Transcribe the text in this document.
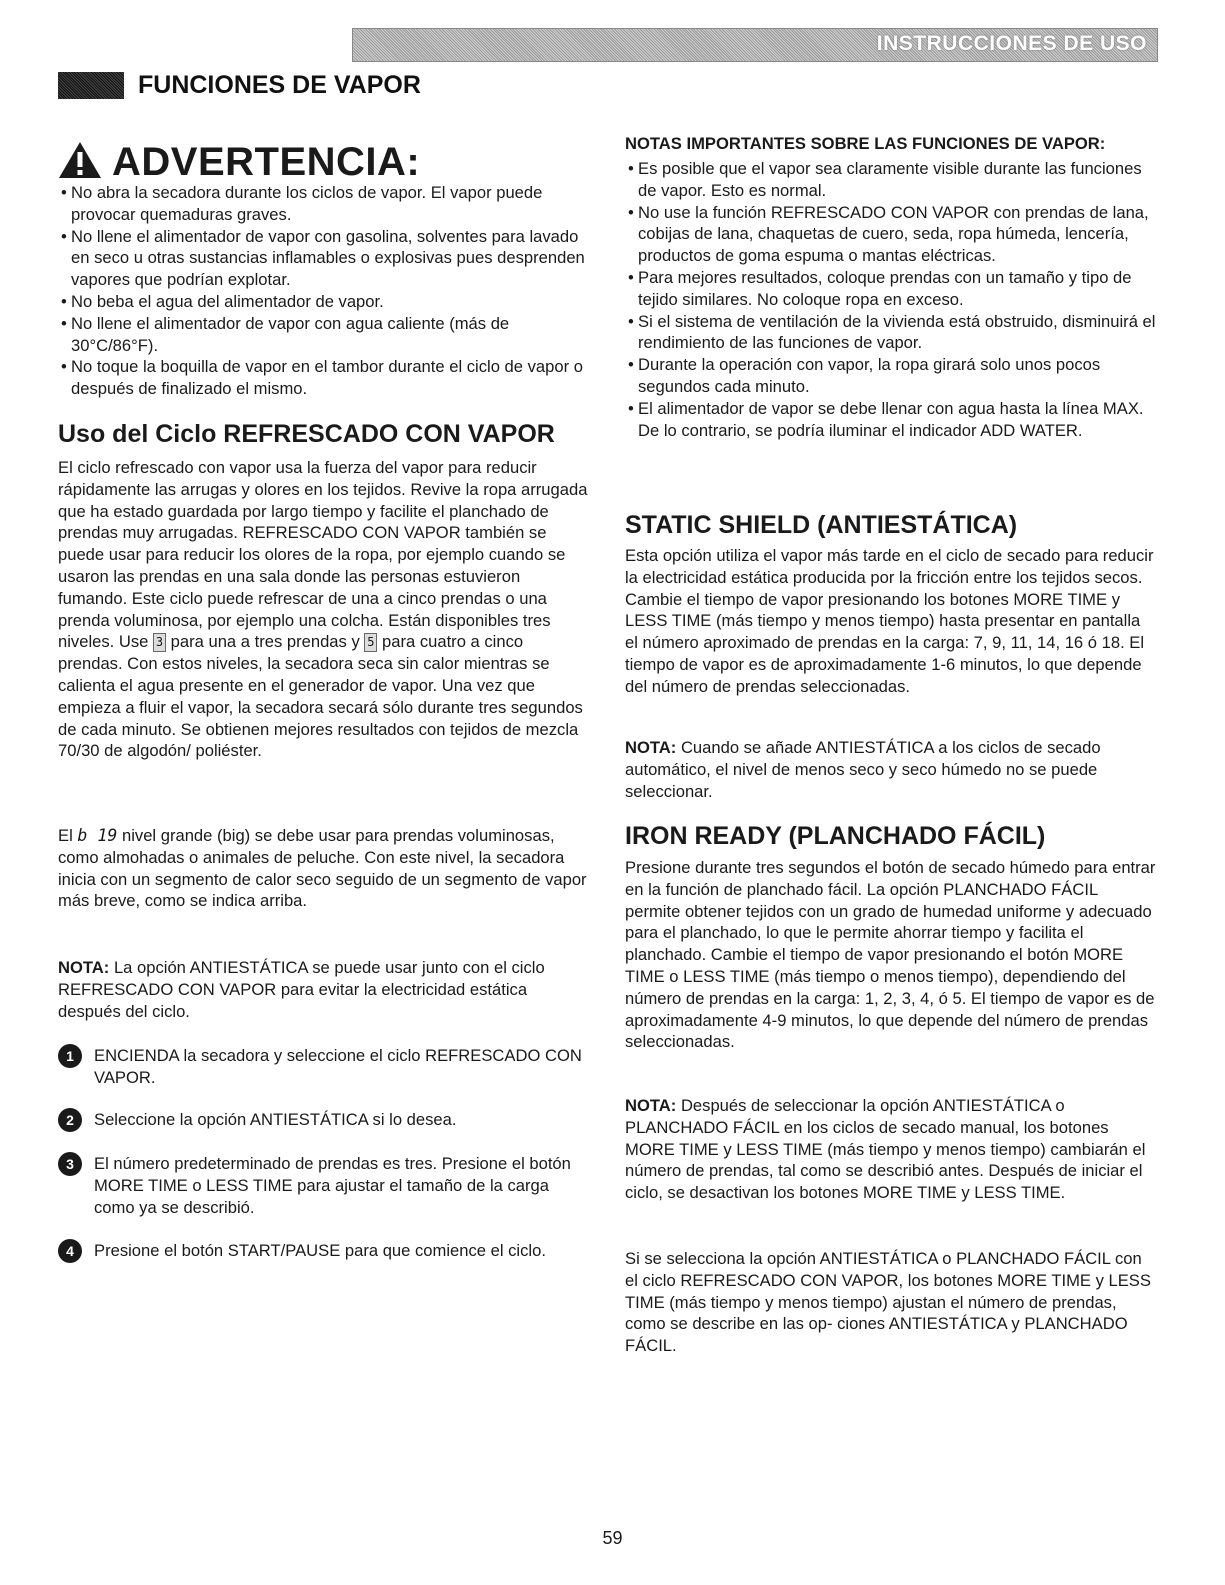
INSTRUCCIONES DE USO
FUNCIONES DE VAPOR
ADVERTENCIA:
• No abra la secadora durante los ciclos de vapor. El vapor puede provocar quemaduras graves.
• No llene el alimentador de vapor con gasolina, solventes para lavado en seco u otras sustancias inflamables o explosivas pues desprenden vapores que podrían explotar.
• No beba el agua del alimentador de vapor.
• No llene el alimentador de vapor con agua caliente (más de 30°C/86°F).
• No toque la boquilla de vapor en el tambor durante el ciclo de vapor o después de finalizado el mismo.
Uso del Ciclo REFRESCADO CON VAPOR

El ciclo refrescado con vapor usa la fuerza del vapor para reducir rápidamente las arrugas y olores en los tejidos. Revive la ropa arrugada que ha estado guardada por largo tiempo y facilite el planchado de prendas muy arrugadas. REFRESCADO CON VAPOR también se puede usar para reducir los olores de la ropa, por ejemplo cuando se usaron las prendas en una sala donde las personas estuvieron fumando. Este ciclo puede refrescar de una a cinco prendas o una prenda voluminosa, por ejemplo una colcha. Están disponibles tres niveles. Use 3 para una a tres prendas y 5 para cuatro a cinco prendas. Con estos niveles, la secadora seca sin calor mientras se calienta el agua presente en el generador de vapor. Una vez que empieza a fluir el vapor, la secadora secará sólo durante tres segundos de cada minuto. Se obtienen mejores resultados con tejidos de mezcla 70/30 de algodón/ poliéster.

El b 19 nivel grande (big) se debe usar para prendas voluminosas, como almohadas o animales de peluche. Con este nivel, la secadora inicia con un segmento de calor seco seguido de un segmento de vapor más breve, como se indica arriba.

NOTA: La opción ANTIESTÁTICA se puede usar junto con el ciclo REFRESCADO CON VAPOR para evitar la electricidad estática después del ciclo.

1	ENCIENDA la secadora y seleccione el ciclo REFRESCADO CON VAPOR.

2	Seleccione la opción ANTIESTÁTICA si lo desea.

3	El número predeterminado de prendas es tres. Presione el botón MORE TIME o LESS TIME para ajustar el tamaño de la carga como ya se describió.

4	Presione el botón START/PAUSE para que comience el ciclo.

NOTAS IMPORTANTES SOBRE LAS FUNCIONES DE VAPOR:
• Es posible que el vapor sea claramente visible durante las funciones de vapor. Esto es normal.
• No use la función REFRESCADO CON VAPOR con prendas de lana, cobijas de lana, chaquetas de cuero, seda, ropa húmeda, lencería, productos de goma espuma o mantas eléctricas.
• Para mejores resultados, coloque prendas con un tamaño y tipo de tejido similares. No coloque ropa en exceso.
• Si el sistema de ventilación de la vivienda está obstruido, disminuirá el rendimiento de las funciones de vapor.
• Durante la operación con vapor, la ropa girará solo unos pocos segundos cada minuto.
• El alimentador de vapor se debe llenar con agua hasta la línea MAX. De lo contrario, se podría iluminar el indicador ADD WATER.
STATIC SHIELD (ANTIESTÁTICA)

Esta opción utiliza el vapor más tarde en el ciclo de secado para reducir la electricidad estática producida por la fricción entre los tejidos secos. Cambie el tiempo de vapor presionando los botones MORE TIME y LESS TIME (más tiempo y menos tiempo) hasta presentar en pantalla el número aproximado de prendas en la carga: 7, 9, 11, 14, 16 ó 18. El tiempo de vapor es de aproximadamente 1-6 minutos, lo que depende del número de prendas seleccionadas.

NOTA: Cuando se añade ANTIESTÁTICA a los ciclos de secado automático, el nivel de menos seco y seco húmedo no se puede seleccionar.

IRON READY (PLANCHADO FÁCIL)

Presione durante tres segundos el botón de secado húmedo para entrar en la función de planchado fácil. La opción PLANCHADO FÁCIL permite obtener tejidos con un grado de humedad uniforme y adecuado para el planchado, lo que le permite ahorrar tiempo y facilita el planchado. Cambie el tiempo de vapor presionando el botón MORE TIME o LESS TIME (más tiempo o menos tiempo), dependiendo del número de prendas en la carga: 1, 2, 3, 4, ó 5. El tiempo de vapor es de aproximadamente 4-9 minutos, lo que depende del número de prendas seleccionadas.

NOTA: Después de seleccionar la opción ANTIESTÁTICA o PLANCHADO FÁCIL en los ciclos de secado manual, los botones MORE TIME y LESS TIME (más tiempo y menos tiempo) cambiarán el número de prendas, tal como se describió antes. Después de iniciar el ciclo, se desactivan los botones MORE TIME y LESS TIME.

Si se selecciona la opción ANTIESTÁTICA o PLANCHADO FÁCIL con el ciclo REFRESCADO CON VAPOR, los botones MORE TIME y LESS TIME (más tiempo y menos tiempo) ajustan el número de prendas, como se describe en las op- ciones ANTIESTÁTICA y PLANCHADO FÁCIL.

59
